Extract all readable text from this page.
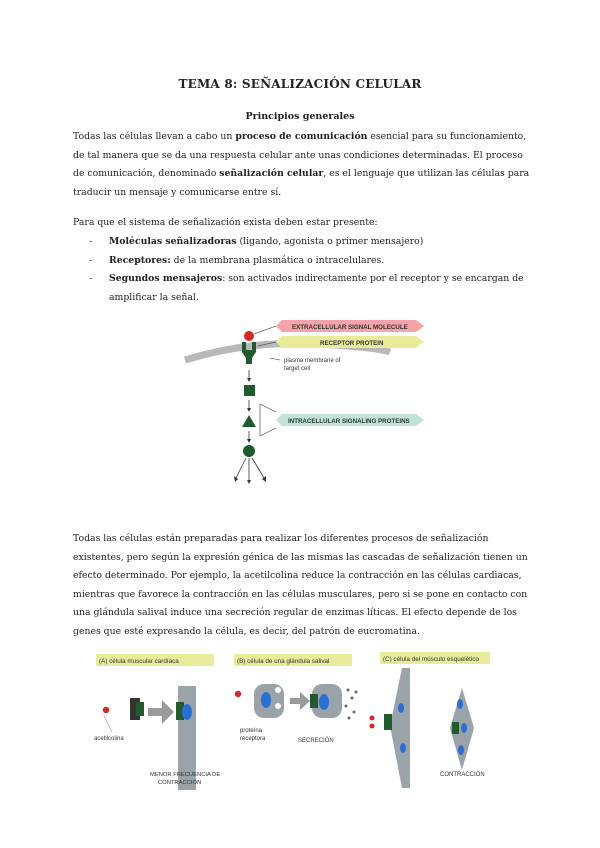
TEMA 8: SEÑALIZACIÓN CELULAR
Principios generales
Todas las células llevan a cabo un proceso de comunicación esencial para su funcionamiento, de tal manera que se da una respuesta celular ante unas condiciones determinadas. El proceso de comunicación, denominado señalización celular, es el lenguaje que utilizan las células para traducir un mensaje y comunicarse entre sí.
Para que el sistema de señalización exista deben estar presente:
- Moléculas señalizadoras (ligando, agonista o primer mensajero)
- Receptores: de la membrana plasmática o intracelulares.
- Segundos mensajeros: son activados indirectamente por el receptor y se encargan de amplificar la señal.
EXTRACELLULAR SIGNAL MOLECULE
RECEPTOR PROTEIN
plasma membrane of
target cell
INTRACELLULAR SIGNALING PROTEINS
Todas las células están preparadas para realizar los diferentes procesos de señalización existentes, pero según la expresión génica de las mismas las cascadas de señalización tienen un efecto determinado. Por ejemplo, la acetilcolina reduce la contracción en las células cardiacas, mientras que favorece la contracción en las células musculares, pero si se pone en contacto con una glándula salival induce una secreción regular de enzimas líticas. El efecto depende de los genes que esté expresando la célula, es decir, del patrón de eucromatina.
(A) célula muscular cardíaca
acetilcolina
MENOR FRECUENCIA DE
CONTRACCIÓN
(B) célula de una glándula salival
proteína
receptora	SECRECIÓN
(C) célula del músculo esquelético
CONTRACCIÓN
